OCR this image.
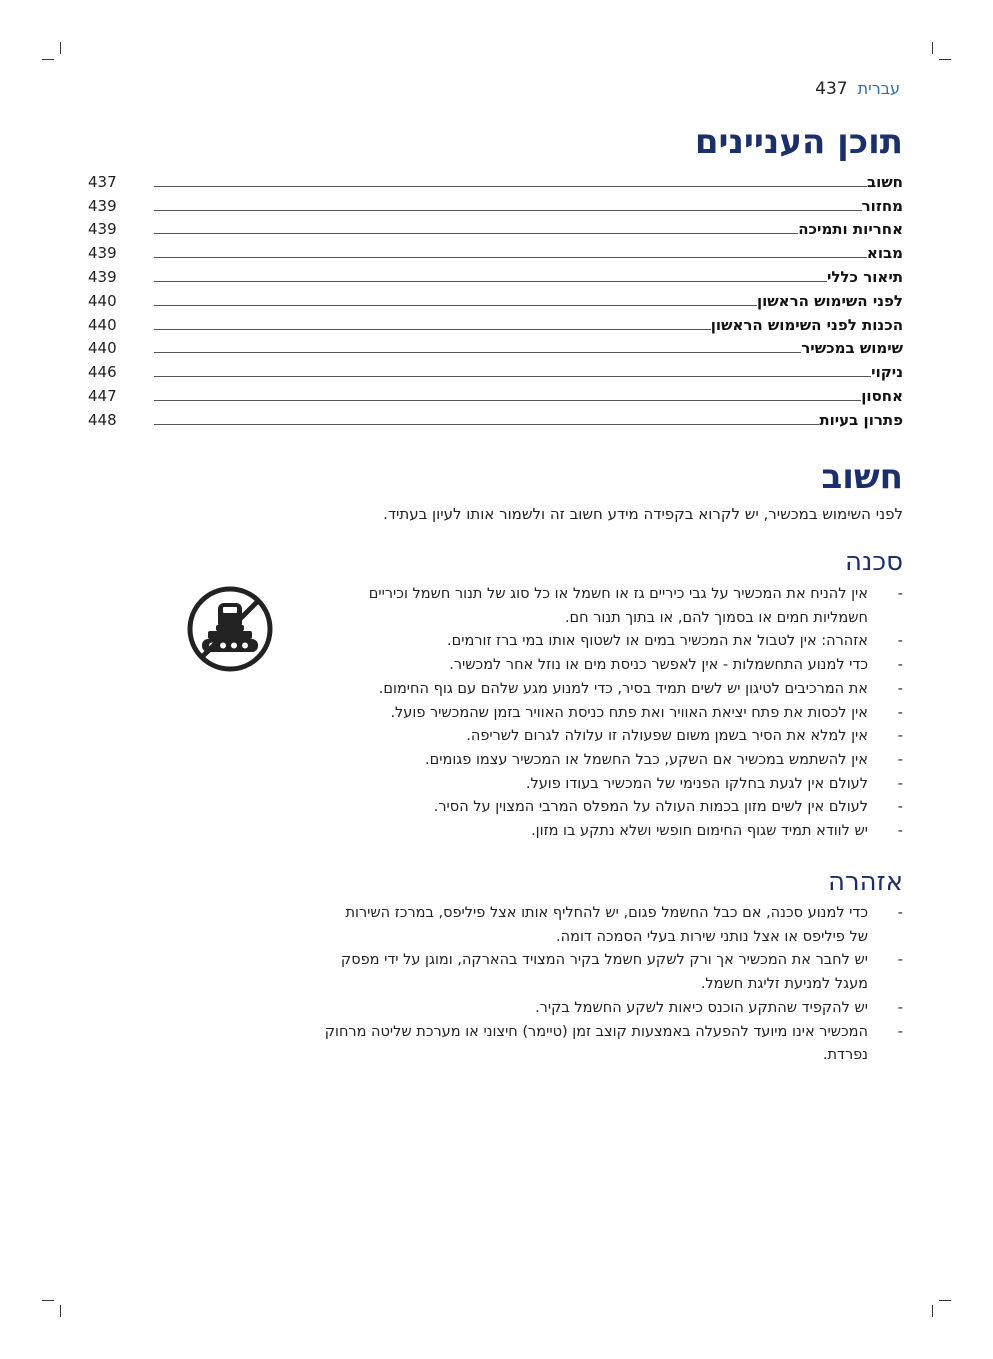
עברית
437
תוכן העניינים
חשוב
437
מחזור
439
אחריות ותמיכה
439
מבוא
439
תיאור כללי
439
לפני השימוש הראשון
440
הכנות לפני השימוש הראשון
440
שימוש במכשיר
440
ניקוי
446
אחסון
447
פתרון בעיות
448
חשוב

לפני השימוש במכשיר, יש לקרוא בקפידה מידע חשוב זה ולשמור אותו לעיון בעתיד.

סכנה
-
אין להניח את המכשיר על גבי כיריים גז או חשמל או כל סוג של תנור חשמל וכיריים חשמליות חמים או בסמוך להם, או בתוך תנור חם.
-
אזהרה: אין לטבול את המכשיר במים או לשטוף אותו במי ברז זורמים.
-
כדי למנוע התחשמלות - אין לאפשר כניסת מים או נוזל אחר למכשיר.
-
את המרכיבים לטיגון יש לשים תמיד בסיר, כדי למנוע מגע שלהם עם גוף החימום.
-
אין לכסות את פתח יציאת האוויר ואת פתח כניסת האוויר בזמן שהמכשיר פועל.
-
אין למלא את הסיר בשמן משום שפעולה זו עלולה לגרום לשריפה.
-
אין להשתמש במכשיר אם השקע, כבל החשמל או המכשיר עצמו פגומים.
-
לעולם אין לגעת בחלקו הפנימי של המכשיר בעודו פועל.
-
לעולם אין לשים מזון בכמות העולה על המפלס המרבי המצוין על הסיר.
-
יש לוודא תמיד שגוף החימום חופשי ושלא נתקע בו מזון.
אזהרה
-
כדי למנוע סכנה, אם כבל החשמל פגום, יש להחליף אותו אצל פיליפס, במרכז השירות של פיליפס או אצל נותני שירות בעלי הסמכה דומה.
-
יש לחבר את המכשיר אך ורק לשקע חשמל בקיר המצויד בהארקה, ומוגן על ידי מפסק מעגל למניעת זליגת חשמל.
-
יש להקפיד שהתקע הוכנס כיאות לשקע החשמל בקיר.
-
המכשיר אינו מיועד להפעלה באמצעות קוצב זמן (טיימר) חיצוני או מערכת שליטה מרחוק נפרדת.
